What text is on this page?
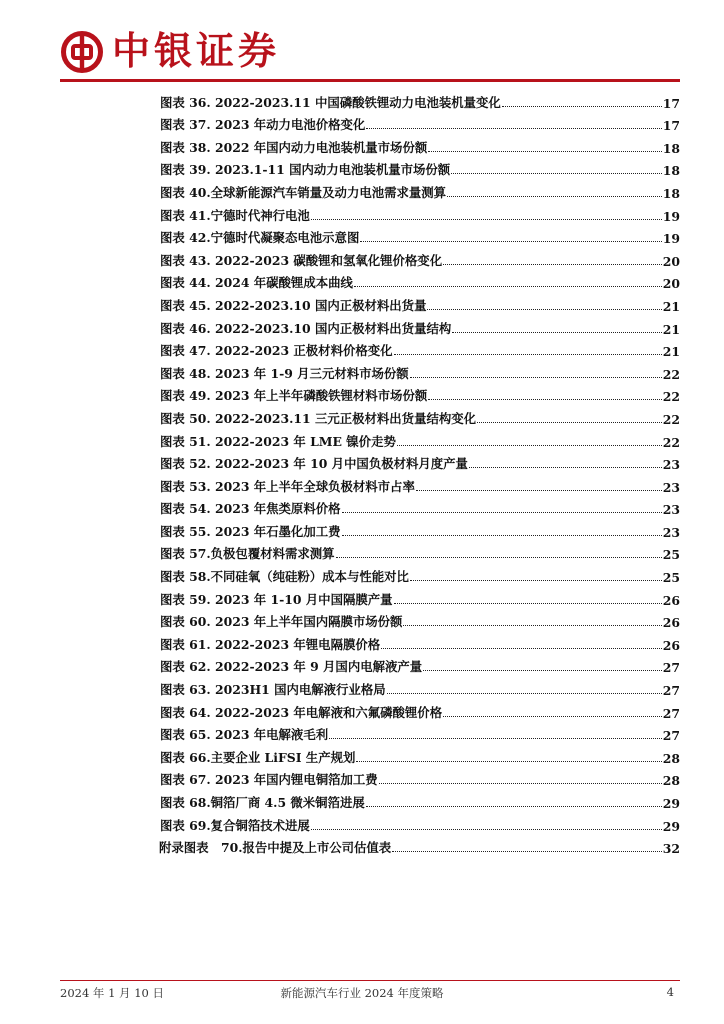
中银证券
图表 36. 2022-2023.11 中国磷酸铁锂动力电池装机量变化	17
图表 37. 2023 年动力电池价格变化	17
图表 38. 2022 年国内动力电池装机量市场份额	18
图表 39. 2023.1-11 国内动力电池装机量市场份额	18
图表 40.全球新能源汽车销量及动力电池需求量测算	18
图表 41.宁德时代神行电池	19
图表 42.宁德时代凝聚态电池示意图	19
图表 43. 2022-2023 碳酸锂和氢氧化锂价格变化	20
图表 44. 2024 年碳酸锂成本曲线	20
图表 45. 2022-2023.10 国内正极材料出货量	21
图表 46. 2022-2023.10 国内正极材料出货量结构	21
图表 47. 2022-2023 正极材料价格变化	21
图表 48. 2023 年 1-9 月三元材料市场份额	22
图表 49. 2023 年上半年磷酸铁锂材料市场份额	22
图表 50. 2022-2023.11 三元正极材料出货量结构变化	22
图表 51. 2022-2023 年 LME 镍价走势	22
图表 52. 2022-2023 年 10 月中国负极材料月度产量	23
图表 53. 2023 年上半年全球负极材料市占率	23
图表 54. 2023 年焦类原料价格	23
图表 55. 2023 年石墨化加工费	23
图表 57.负极包覆材料需求测算	25
图表 58.不同硅氧（纯硅粉）成本与性能对比	25
图表 59. 2023 年 1-10 月中国隔膜产量	26
图表 60. 2023 年上半年国内隔膜市场份额	26
图表 61. 2022-2023 年锂电隔膜价格	26
图表 62. 2022-2023 年 9 月国内电解液产量	27
图表 63. 2023H1 国内电解液行业格局	27
图表 64. 2022-2023 年电解液和六氟磷酸锂价格	27
图表 65. 2023 年电解液毛利	27
图表 66.主要企业 LiFSI 生产规划	28
图表 67. 2023 年国内锂电铜箔加工费	28
图表 68.铜箔厂商 4.5 微米铜箔进展	29
图表 69.复合铜箔技术进展	29
附录图表　70.报告中提及上市公司估值表	32
2024 年 1 月 10 日	新能源汽车行业 2024 年度策略	4
